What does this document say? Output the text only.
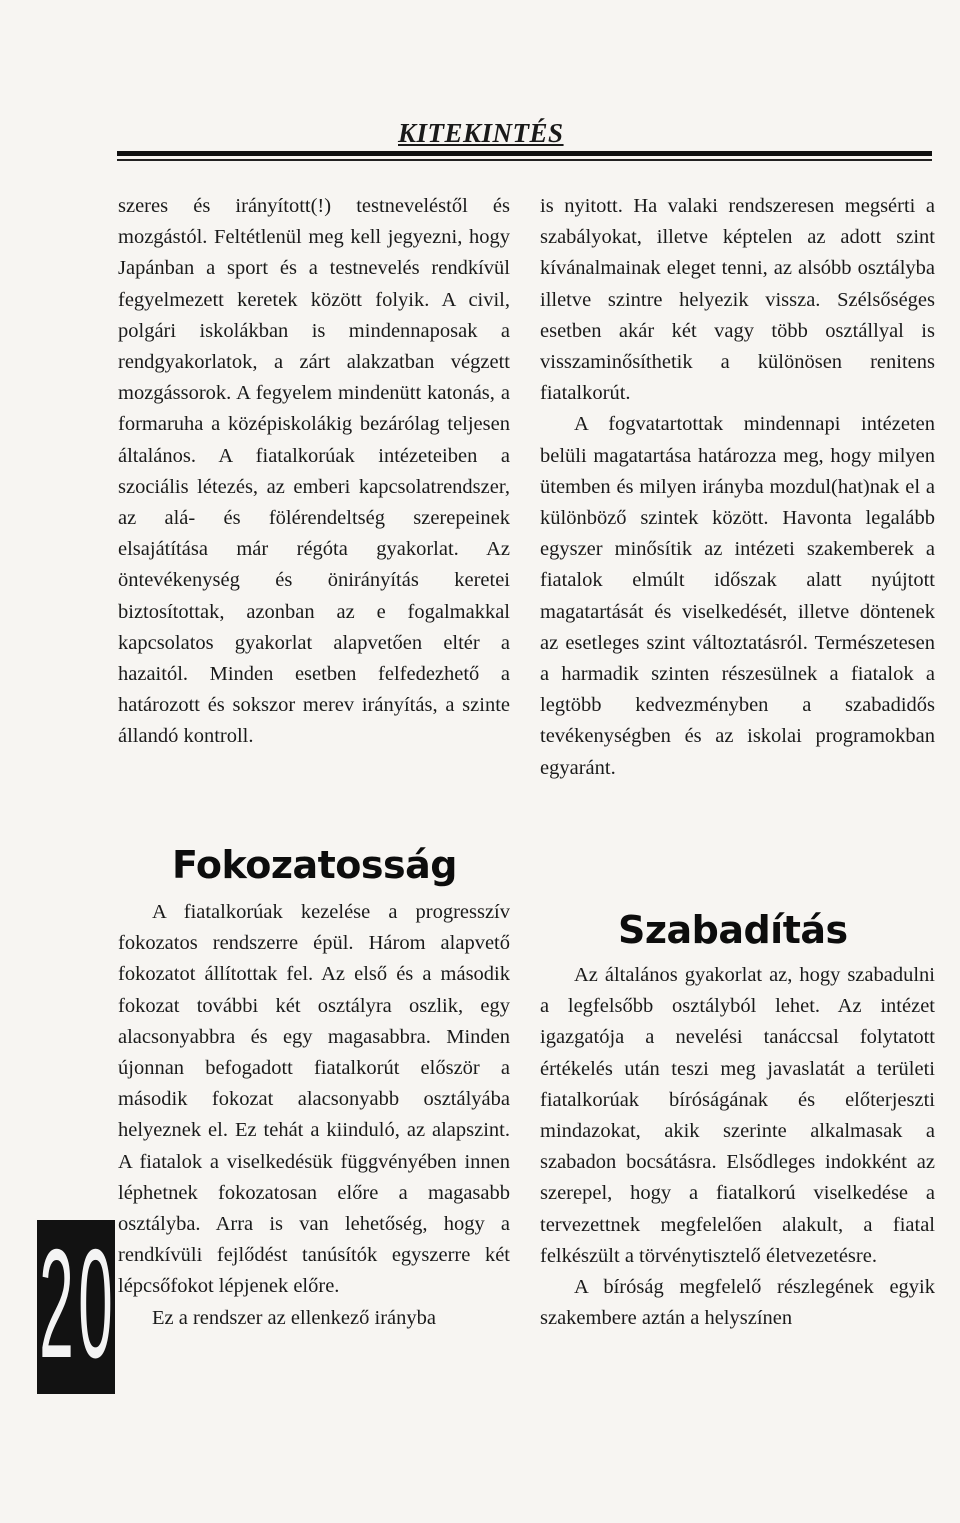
KITEKINTÉS

szeres és irányított(!) testneveléstől és mozgástól. Feltétlenül meg kell jegyezni, hogy Japánban a sport és a testnevelés rendkívül fegyelmezett keretek között folyik. A civil, polgári iskolákban is mindennaposak a rendgyakorlatok, a zárt alakzatban végzett mozgássorok. A fegyelem mindenütt katonás, a formaruha a középiskolákig bezárólag teljesen általános. A fiatalkorúak intézeteiben a szociális létezés, az emberi kapcsolatrendszer, az alá- és fölérendeltség szerepeinek elsajátítása már régóta gyakorlat. Az öntevékenység és önirányítás keretei biztosítottak, azonban az e fogalmakkal kapcsolatos gyakorlat alapvetően eltér a hazaitól. Minden esetben felfedezhető a határozott és sokszor merev irányítás, a szinte állandó kontroll.

Fokozatosság

A fiatalkorúak kezelése a progresszív fokozatos rendszerre épül. Három alapvető fokozatot állítottak fel. Az első és a második fokozat további két osztályra oszlik, egy alacsonyabbra és egy magasabbra. Minden újonnan befogadott fiatalkorút először a második fokozat alacsonyabb osztályába helyeznek el. Ez tehát a kiinduló, az alapszint. A fiatalok a viselkedésük függvényében innen léphetnek fokozatosan előre a magasabb osztályba. Arra is van lehetőség, hogy a rendkívüli fejlődést tanúsítók egyszerre két lépcsőfokot lépjenek előre.

Ez a rendszer az ellenkező irányba

is nyitott. Ha valaki rendszeresen megsérti a szabályokat, illetve képtelen az adott szint kívánalmainak eleget tenni, az alsóbb osztályba illetve szintre helyezik vissza. Szélsőséges esetben akár két vagy több osztállyal is visszaminősíthetik a különösen renitens fiatalkorút.

A fogvatartottak mindennapi intézeten belüli magatartása határozza meg, hogy milyen ütemben és milyen irányba mozdul(hat)nak el a különböző szintek között. Havonta legalább egyszer minősítik az intézeti szakemberek a fiatalok elmúlt időszak alatt nyújtott magatartását és viselkedését, illetve döntenek az esetleges szint változtatásról. Természetesen a harmadik szinten részesülnek a fiatalok a legtöbb kedvezményben a szabadidős tevékenységben és az iskolai programokban egyaránt.

Szabadítás

Az általános gyakorlat az, hogy szabadulni a legfelsőbb osztályból lehet. Az intézet igazgatója a nevelési tanáccsal folytatott értékelés után teszi meg javaslatát a területi fiatalkorúak bíróságának és előterjeszti mindazokat, akik szerinte alkalmasak a szabadon bocsátásra. Elsődleges indokként az szerepel, hogy a fiatalkorú viselkedése a tervezettnek megfelelően alakult, a fiatal felkészült a törvénytisztelő életvezetésre.

A bíróság megfelelő részlegének egyik szakembere aztán a helyszínen

2 0
